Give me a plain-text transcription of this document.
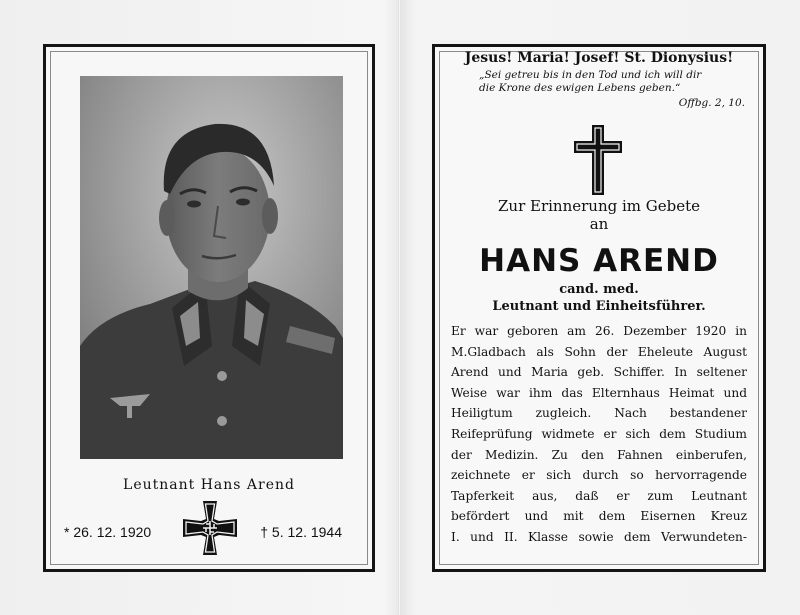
Leutnant Hans Arend
* 26. 12. 1920	† 5. 12. 1944
Jesus! Maria! Josef! St. Dionysius!
„Sei getreu bis in den Tod und ich will dir
die Krone des ewigen Lebens geben.“
Offbg. 2, 10.
Zur Erinnerung im Gebete
an
HANS AREND
cand. med.
Leutnant und Einheitsführer.
Er war geboren am 26. Dezember 1920 in
M.Gladbach als Sohn der Eheleute August
Arend und Maria geb. Schiffer. In seltener
Weise war ihm das Elternhaus Heimat und
Heiligtum zugleich. Nach bestandener
Reifeprüfung widmete er sich dem Studium
der Medizin. Zu den Fahnen einberufen,
zeichnete er sich durch so hervorragende
Tapferkeit aus, daß er zum Leutnant
befördert und mit dem Eisernen Kreuz
I. und II. Klasse sowie dem Verwundeten-
